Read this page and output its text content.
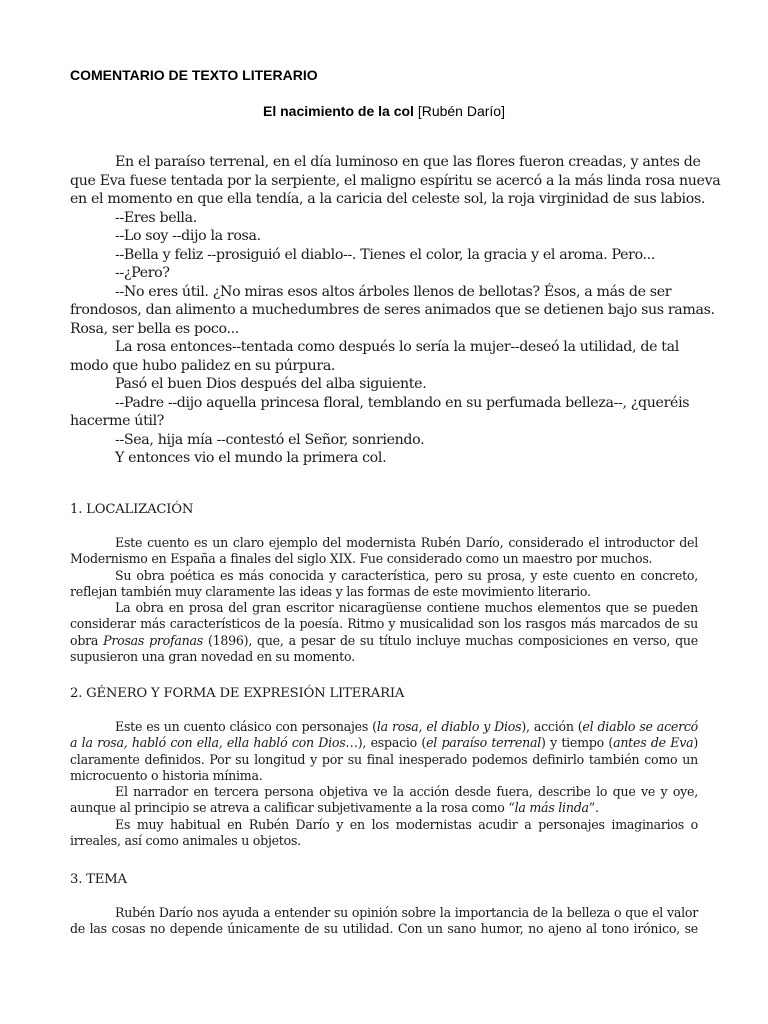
COMENTARIO DE TEXTO LITERARIO
El nacimiento de la col [Rubén Darío]
En el paraíso terrenal, en el día luminoso en que las flores fueron creadas, y antes de
que Eva fuese tentada por la serpiente, el maligno espíritu se acercó a la más linda rosa nueva
en el momento en que ella tendía, a la caricia del celeste sol, la roja virginidad de sus labios.
--Eres bella.
--Lo soy --dijo la rosa.
--Bella y feliz --prosiguió el diablo--. Tienes el color, la gracia y el aroma. Pero...
--¿Pero?
--No eres útil. ¿No miras esos altos árboles llenos de bellotas? Ésos, a más de ser
frondosos, dan alimento a muchedumbres de seres animados que se detienen bajo sus ramas.
Rosa, ser bella es poco...
La rosa entonces--tentada como después lo sería la mujer--deseó la utilidad, de tal
modo que hubo palidez en su púrpura.
Pasó el buen Dios después del alba siguiente.
--Padre --dijo aquella princesa floral, temblando en su perfumada belleza--, ¿queréis
hacerme útil?
--Sea, hija mía --contestó el Señor, sonriendo.
Y entonces vio el mundo la primera col.
1. LOCALIZACIÓN

Este cuento es un claro ejemplo del modernista Rubén Darío, considerado el introductor del Modernismo en España a finales del siglo XIX. Fue considerado como un maestro por muchos.

Su obra poética es más conocida y característica, pero su prosa, y este cuento en concreto, reflejan también muy claramente las ideas y las formas de este movimiento literario.

La obra en prosa del gran escritor nicaragüense contiene muchos elementos que se pueden considerar más característicos de la poesía. Ritmo y musicalidad son los rasgos más marcados de su obra Prosas profanas (1896), que, a pesar de su título incluye muchas composiciones en verso, que supusieron una gran novedad en su momento.

2. GÉNERO Y FORMA DE EXPRESIÓN LITERARIA

Este es un cuento clásico con personajes (la rosa, el diablo y Dios), acción (el diablo se acercó a la rosa, habló con ella, ella habló con Dios…), espacio (el paraíso terrenal) y tiempo (antes de Eva) claramente definidos. Por su longitud y por su final inesperado podemos definirlo también como un microcuento o historia mínima.

El narrador en tercera persona objetiva ve la acción desde fuera, describe lo que ve y oye, aunque al principio se atreva a calificar subjetivamente a la rosa como “la más linda”.

Es muy habitual en Rubén Darío y en los modernistas acudir a personajes imaginarios o irreales, así como animales u objetos.

3. TEMA

Rubén Darío nos ayuda a entender su opinión sobre la importancia de la belleza o que el valor de las cosas no depende únicamente de su utilidad. Con un sano humor, no ajeno al tono irónico, se
